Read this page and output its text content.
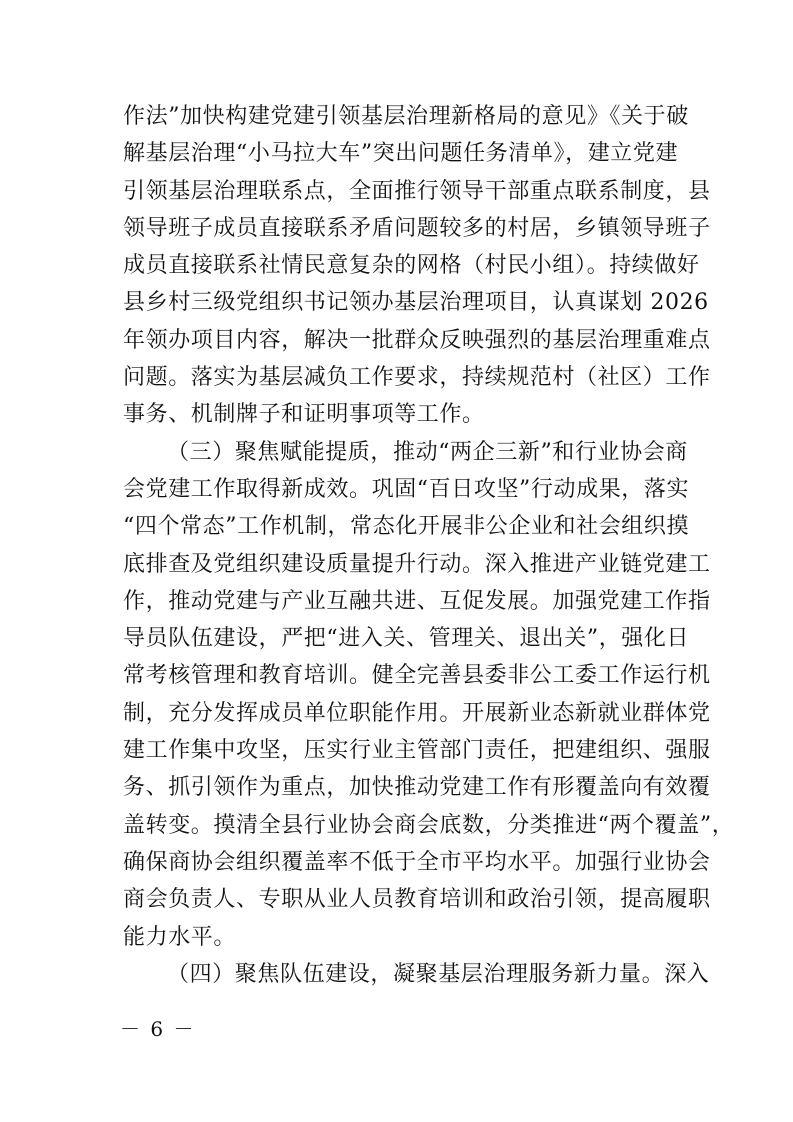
作法”加快构建党建引领基层治理新格局的意见》《关于破
解基层治理“小马拉大车”突出问题任务清单》，建立党建
引领基层治理联系点，全面推行领导干部重点联系制度，县
领导班子成员直接联系矛盾问题较多的村居，乡镇领导班子
成员直接联系社情民意复杂的网格（村民小组）。持续做好
县乡村三级党组织书记领办基层治理项目，认真谋划 2026
年领办项目内容，解决一批群众反映强烈的基层治理重难点
问题。落实为基层减负工作要求，持续规范村（社区）工作
事务、机制牌子和证明事项等工作。
（三）聚焦赋能提质，推动“两企三新”和行业协会商
会党建工作取得新成效。巩固“百日攻坚”行动成果，落实
“四个常态”工作机制，常态化开展非公企业和社会组织摸
底排查及党组织建设质量提升行动。深入推进产业链党建工
作，推动党建与产业互融共进、互促发展。加强党建工作指
导员队伍建设，严把“进入关、管理关、退出关”，强化日
常考核管理和教育培训。健全完善县委非公工委工作运行机
制，充分发挥成员单位职能作用。开展新业态新就业群体党
建工作集中攻坚，压实行业主管部门责任，把建组织、强服
务、抓引领作为重点，加快推动党建工作有形覆盖向有效覆
盖转变。摸清全县行业协会商会底数，分类推进“两个覆盖”，
确保商协会组织覆盖率不低于全市平均水平。加强行业协会
商会负责人、专职从业人员教育培训和政治引领，提高履职
能力水平。
（四）聚焦队伍建设，凝聚基层治理服务新力量。深入
－ 6 －
